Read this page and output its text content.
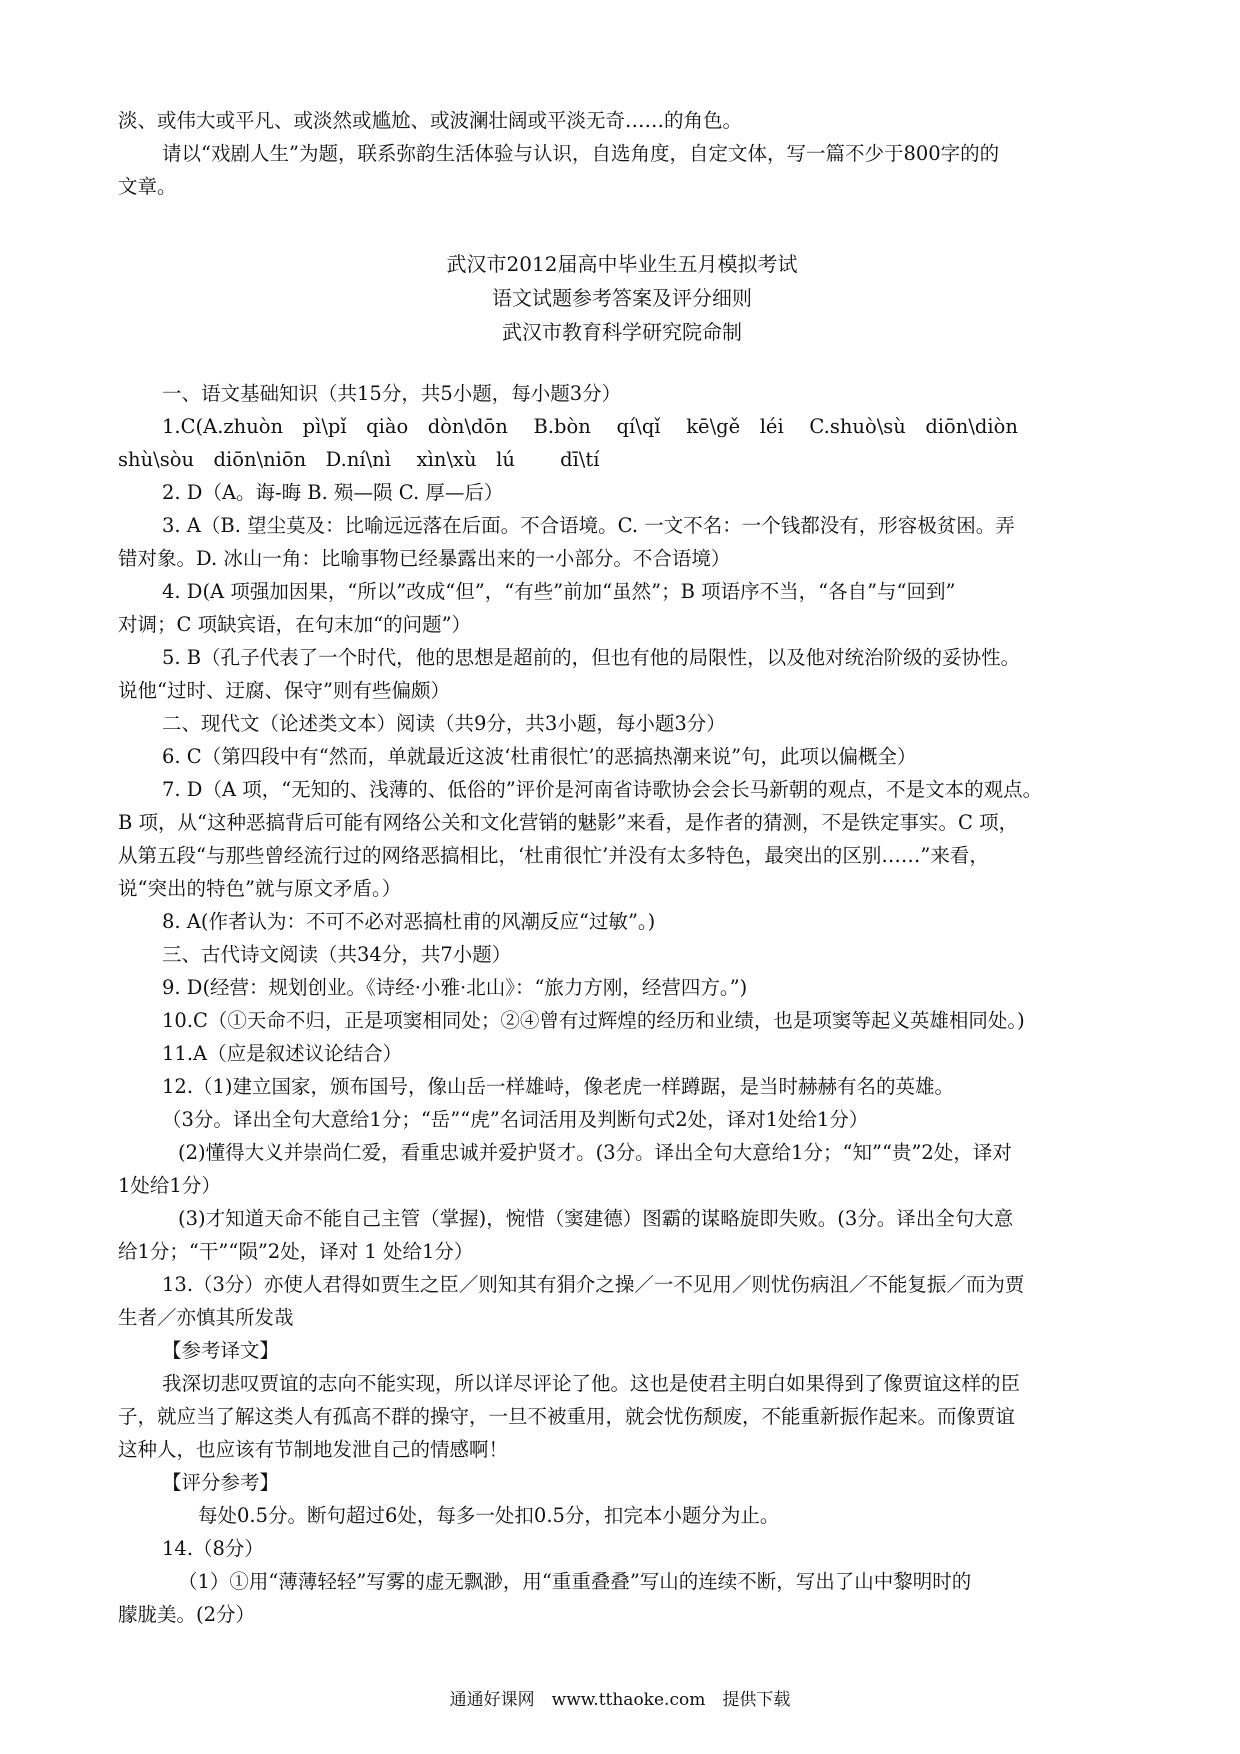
淡、或伟大或平凡、或淡然或尴尬、或波澜壮阔或平淡无奇……的角色。
请以“戏剧人生”为题，联系弥韵生活体验与认识，自选角度，自定文体，写一篇不少于800字的的
文章。
武汉市2012届高中毕业生五月模拟考试
语文试题参考答案及评分细则
武汉市教育科学研究院命制
一、语文基础知识（共15分，共5小题，每小题3分）
1.C(A.zhuòn　pì\pǐ　qiào　dòn\dōn　 B.bòn　 qí\qǐ　 kē\gě　léi　 C.shuò\sù　diōn\diòn
shù\sòu　diōn\niōn　D.ní\nì　 xìn\xù　lú　　 dī\tí
2. D（A。诲-晦 B. 殒—陨 C. 厚—后）
3. A（B. 望尘莫及：比喻远远落在后面。不合语境。C. 一文不名：一个钱都没有，形容极贫困。弄
错对象。D. 冰山一角：比喻事物已经暴露出来的一小部分。不合语境）
4. D(A 项强加因果，“所以”改成“但”，“有些”前加“虽然”；B 项语序不当，“各自”与“回到”
对调；C 项缺宾语，在句末加“的问题”）
5. B（孔子代表了一个时代，他的思想是超前的，但也有他的局限性，以及他对统治阶级的妥协性。
说他“过时、迂腐、保守”则有些偏颇）
二、现代文（论述类文本）阅读（共9分，共3小题，每小题3分）
6. C（第四段中有“然而，单就最近这波‘杜甫很忙’的恶搞热潮来说”句，此项以偏概全）
7. D（A 项，“无知的、浅薄的、低俗的”评价是河南省诗歌协会会长马新朝的观点，不是文本的观点。
B 项，从“这种恶搞背后可能有网络公关和文化营销的魅影”来看，是作者的猜测，不是铁定事实。C 项，
从第五段“与那些曾经流行过的网络恶搞相比，‘杜甫很忙’并没有太多特色，最突出的区别……”来看，
说“突出的特色”就与原文矛盾。）
8. A(作者认为：不可不必对恶搞杜甫的风潮反应“过敏”。)
三、古代诗文阅读（共34分，共7小题）
9. D(经营：规划创业。《诗经·小雅·北山》：“旅力方刚，经营四方。”)
10.C（①天命不归，正是项窦相同处；②④曾有过辉煌的经历和业绩，也是项窦等起义英雄相同处。)
11.A（应是叙述议论结合）
12.（1)建立国家，颁布国号，像山岳一样雄峙，像老虎一样蹲踞，是当时赫赫有名的英雄。
（3分。译出全句大意给1分；“岳”“虎”名词活用及判断句式2处，译对1处给1分）
(2)懂得大义并崇尚仁爱，看重忠诚并爱护贤才。(3分。译出全句大意给1分；“知”“贵”2处，译对
1处给1分）
(3)才知道天命不能自己主管（掌握)，惋惜（窦建德）图霸的谋略旋即失败。(3分。译出全句大意
给1分；“干”“陨”2处，译对 1 处给1分）
13.（3分）亦使人君得如贾生之臣／则知其有狷介之操／一不见用／则忧伤病沮／不能复振／而为贾
生者／亦慎其所发哉
【参考译文】
我深切悲叹贾谊的志向不能实现，所以详尽评论了他。这也是使君主明白如果得到了像贾谊这样的臣
子，就应当了解这类人有孤高不群的操守，一旦不被重用，就会忧伤颓废，不能重新振作起来。而像贾谊
这种人，也应该有节制地发泄自己的情感啊！
【评分参考】
每处0.5分。断句超过6处，每多一处扣0.5分，扣完本小题分为止。
14.（8分）
（1）①用“薄薄轻轻”写雾的虚无飘渺，用“重重叠叠”写山的连续不断，写出了山中黎明时的
朦胧美。(2分）
通通好课网　www.tthaoke.com　提供下载
